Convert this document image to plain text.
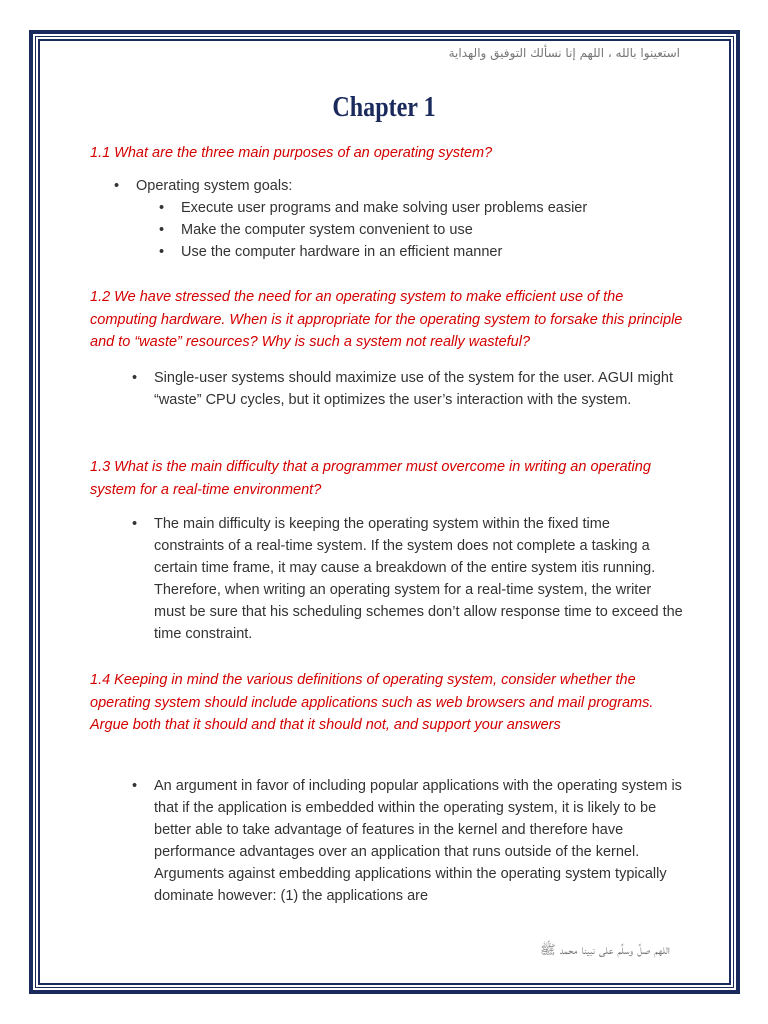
استعينوا بالله ، اللهم إنا نسألك التوفيق والهداية
Chapter 1
1.1 What are the three main purposes of an operating system?
• Operating system goals:
• Execute user programs and make solving user problems easier
• Make the computer system convenient to use
• Use the computer hardware in an efficient manner
1.2 We have stressed the need for an operating system to make efficient use of the computing hardware. When is it appropriate for the operating system to forsake this principle and to “waste” resources? Why is such a system not really wasteful?
• Single-user systems should maximize use of the system for the user. AGUI might “waste” CPU cycles, but it optimizes the user’s interaction with the system.
1.3 What is the main difficulty that a programmer must overcome in writing an operating system for a real-time environment?
• The main difficulty is keeping the operating system within the fixed time constraints of a real-time system. If the system does not complete a tasking a certain time frame, it may cause a breakdown of the entire system itis running. Therefore, when writing an operating system for a real-time system, the writer must be sure that his scheduling schemes don’t allow response time to exceed the time constraint.
1.4 Keeping in mind the various definitions of operating system, consider whether the operating system should include applications such as web browsers and mail programs. Argue both that it should and that it should not, and support your answers
• An argument in favor of including popular applications with the operating system is that if the application is embedded within the operating system, it is likely to be better able to take advantage of features in the kernel and therefore have performance advantages over an application that runs outside of the kernel. Arguments against embedding applications within the operating system typically dominate however: (1) the applications are
اللهم صلِّ وسلِّم على نبينا محمد ﷺ
